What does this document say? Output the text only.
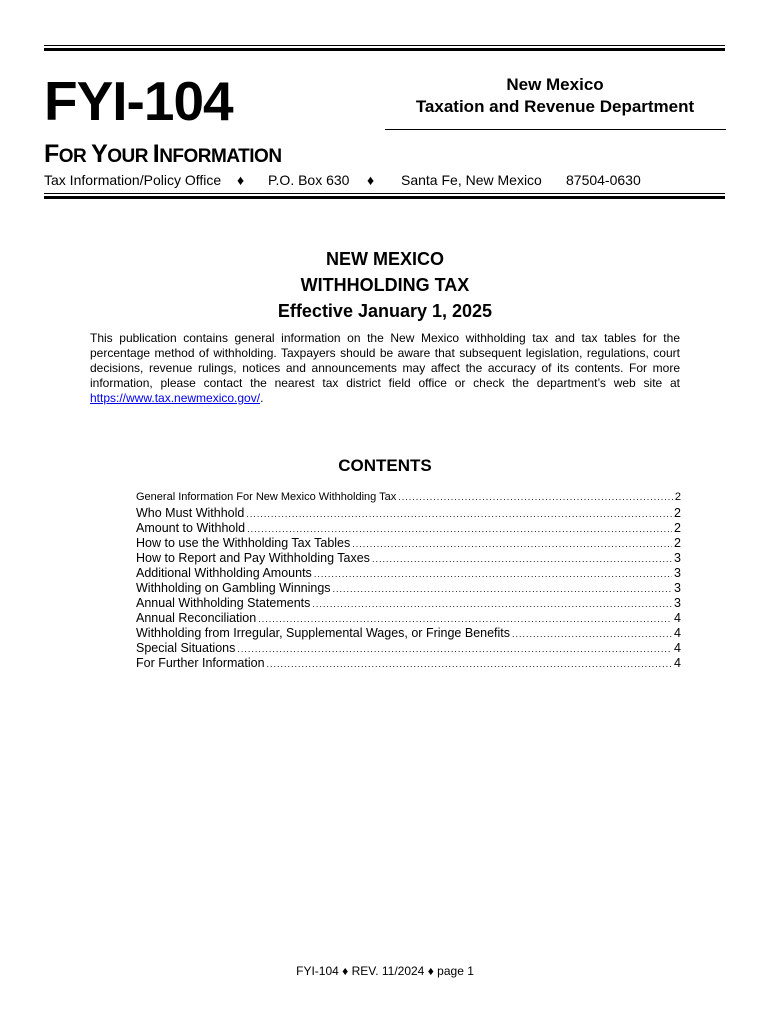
FYI-104	New Mexico
Taxation and Revenue Department
FOR YOUR INFORMATION
Tax Information/Policy Office ♦ P.O. Box 630 ♦ Santa Fe, New Mexico 87504-0630
NEW MEXICO
WITHHOLDING TAX
Effective January 1, 2025
This publication contains general information on the New Mexico withholding tax and tax tables for the percentage method of withholding. Taxpayers should be aware that subsequent legislation, regulations, court decisions, revenue rulings, notices and announcements may affect the accuracy of its contents. For more information, please contact the nearest tax district field office or check the department’s web site at https://www.tax.newmexico.gov/.
CONTENTS
General Information For New Mexico Withholding Tax .....	2
Who Must Withhold .....	2
Amount to Withhold .....	2
How to use the Withholding Tax Tables .....	2
How to Report and Pay Withholding Taxes .....	3
Additional Withholding Amounts .....	3
Withholding on Gambling Winnings .....	3
Annual Withholding Statements .....	3
Annual Reconciliation .....	4
Withholding from Irregular, Supplemental Wages, or Fringe Benefits .....	4
Special Situations .....	4
For Further Information .....	4
FYI-104 ♦ REV. 11/2024 ♦ page 1
